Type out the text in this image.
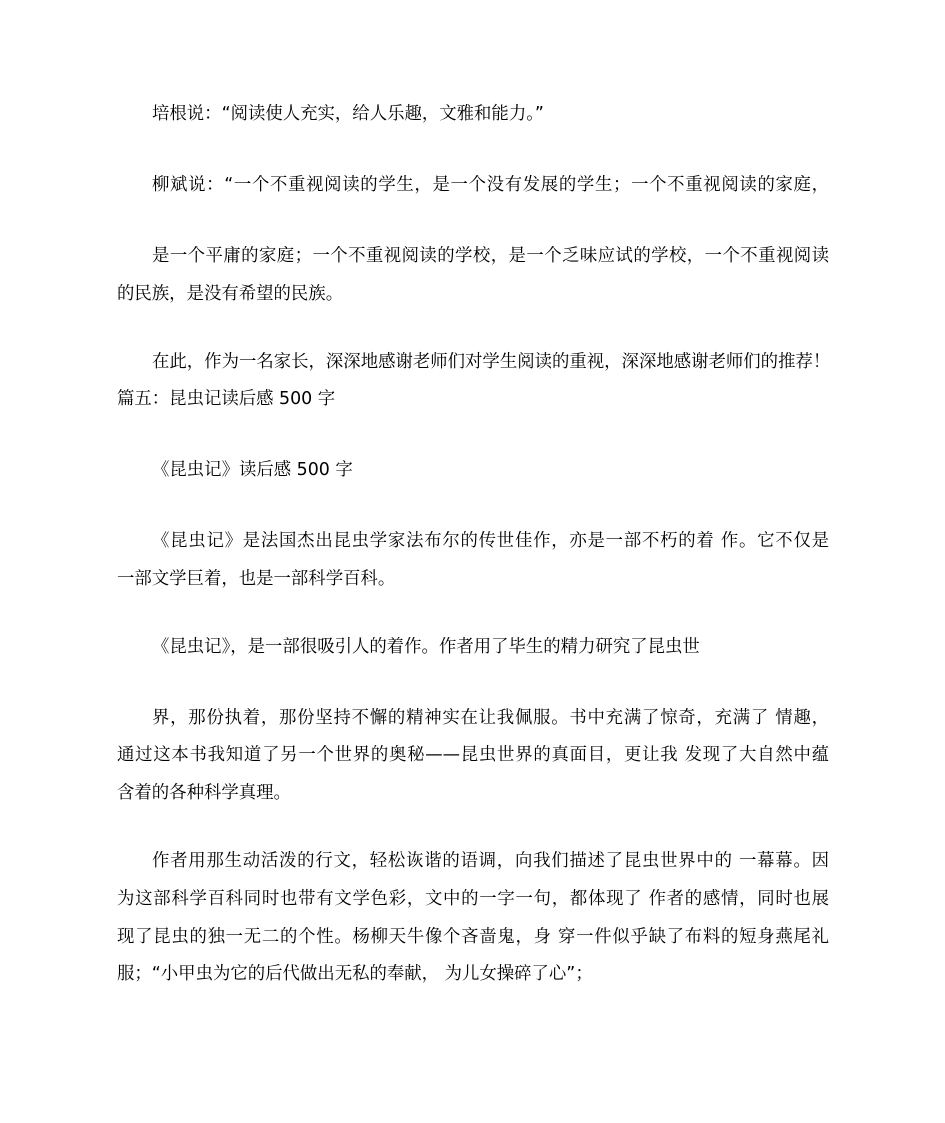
培根说：“阅读使人充实，给人乐趣，文雅和能力。”
柳斌说：“一个不重视阅读的学生，是一个没有发展的学生；一个不重视阅读的家庭，
是一个平庸的家庭；一个不重视阅读的学校，是一个乏味应试的学校，一个不重视阅读
的民族，是没有希望的民族。
在此，作为一名家长，深深地感谢老师们对学生阅读的重视，深深地感谢老师们的推荐！
篇五：昆虫记读后感 500 字
《昆虫记》读后感 500 字
《昆虫记》是法国杰出昆虫学家法布尔的传世佳作，亦是一部不朽的着 作。它不仅是
一部文学巨着，也是一部科学百科。
《昆虫记》，是一部很吸引人的着作。作者用了毕生的精力研究了昆虫世
界，那份执着，那份坚持不懈的精神实在让我佩服。书中充满了惊奇，充满了 情趣，
通过这本书我知道了另一个世界的奥秘——昆虫世界的真面目，更让我 发现了大自然中蕴
含着的各种科学真理。
作者用那生动活泼的行文，轻松诙谐的语调，向我们描述了昆虫世界中的 一幕幕。因
为这部科学百科同时也带有文学色彩，文中的一字一句，都体现了 作者的感情，同时也展
现了昆虫的独一无二的个性。杨柳天牛像个吝啬鬼，身 穿一件似乎缺了布料的短身燕尾礼
服；“小甲虫为它的后代做出无私的奉献， 为儿女操碎了心”；
